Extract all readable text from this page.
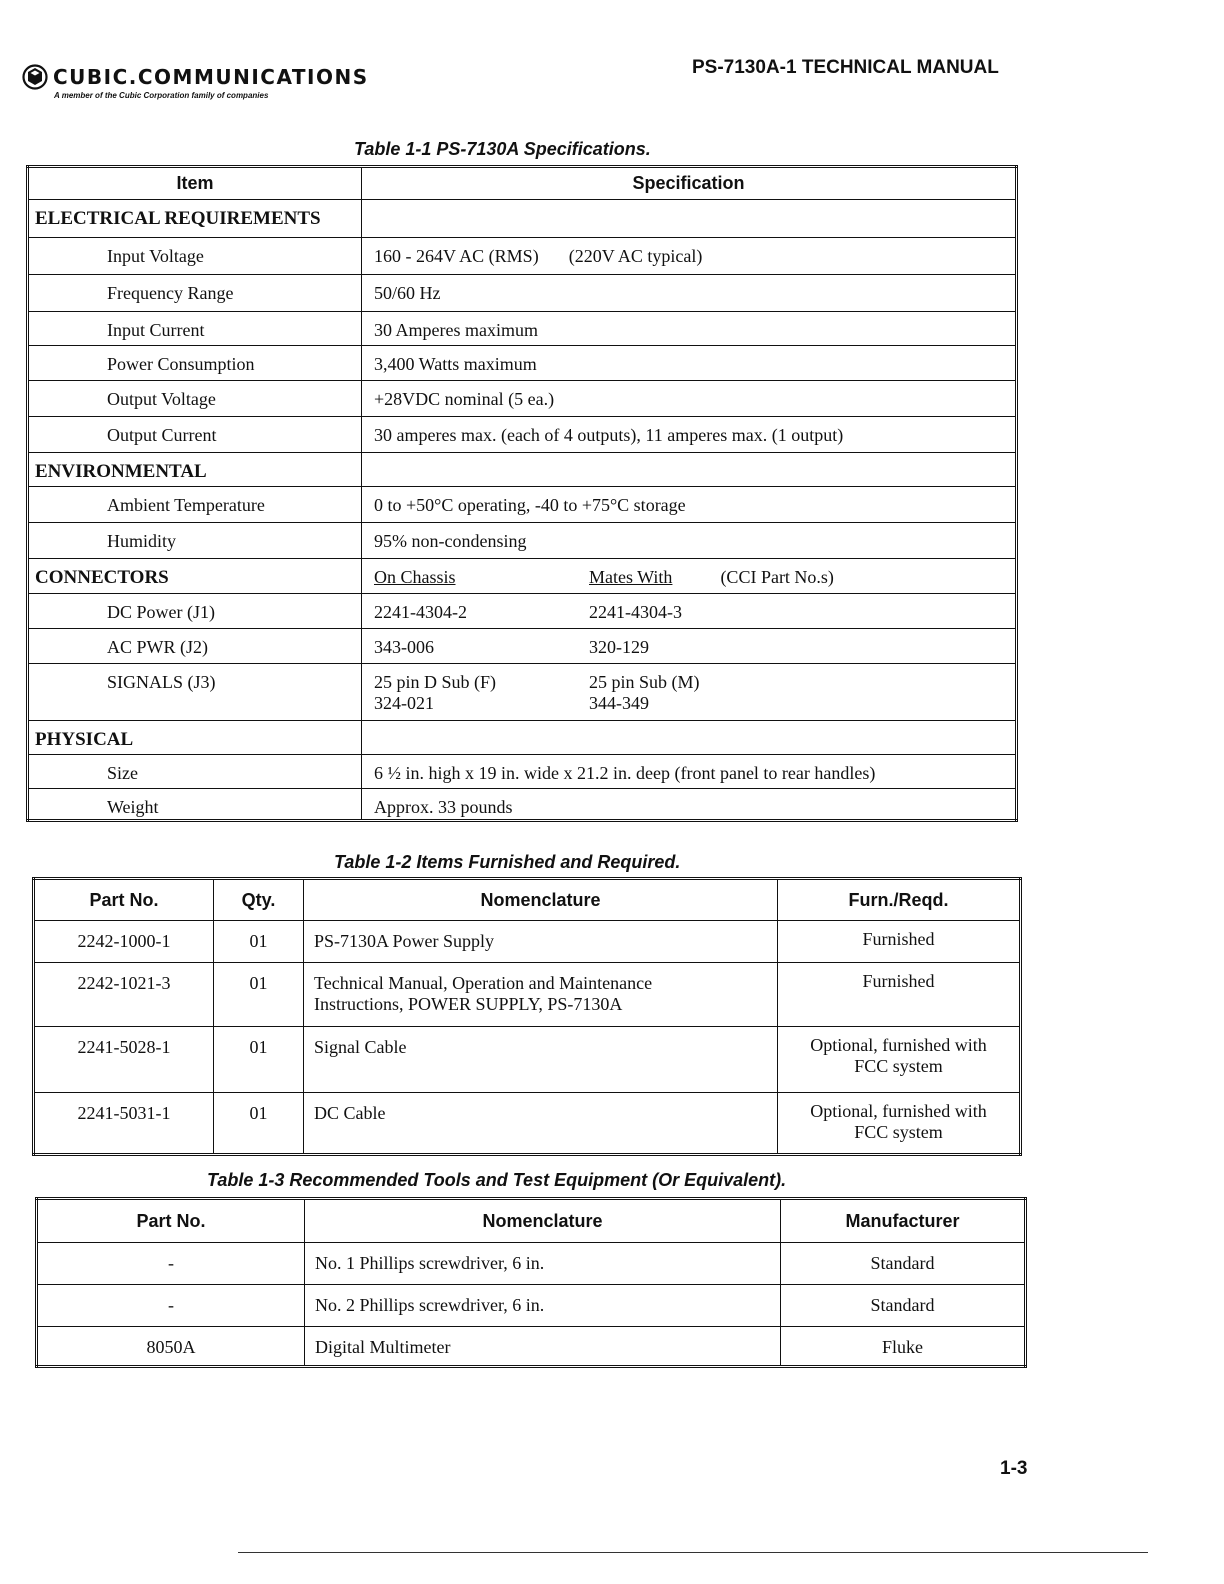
CUBIC.COMMUNICATIONS
A member of the Cubic Corporation family of companies
PS-7130A-1 TECHNICAL MANUAL
Table 1-1 PS-7130A Specifications.
Item	Specification
ELECTRICAL REQUIREMENTS	
Input Voltage	160 - 264V AC (RMS) (220V AC typical)
Frequency Range	50/60 Hz
Input Current	30 Amperes maximum
Power Consumption	3,400 Watts maximum
Output Voltage	+28VDC nominal (5 ea.)
Output Current	30 amperes max. (each of 4 outputs), 11 amperes max. (1 output)
ENVIRONMENTAL	
Ambient Temperature	0 to +50°C operating, -40 to +75°C storage
Humidity	95% non-condensing
CONNECTORS	On Chassis Mates With (CCI Part No.s)
DC Power (J1)	2241-4304-2 2241-4304-3
AC PWR (J2)	343-006 320-129
SIGNALS (J3)	25 pin D Sub (F) 25 pin Sub (M)
324-021 344-349

PHYSICAL	
Size	6 ½ in. high x 19 in. wide x 21.2 in. deep (front panel to rear handles)
Weight	Approx. 33 pounds
Table 1-2 Items Furnished and Required.
Part No.	Qty.	Nomenclature	Furn./Reqd.
2242-1000-1	01	PS-7130A Power Supply	Furnished

2242-1021-3	01	Technical Manual, Operation and Maintenance
Instructions, POWER SUPPLY, PS-7130A	Furnished

2241-5028-1	01	Signal Cable	Optional, furnished with
FCC system

2241-5031-1	01	DC Cable	Optional, furnished with
FCC system
Table 1-3 Recommended Tools and Test Equipment (Or Equivalent).
Part No.	Nomenclature	Manufacturer
-	No. 1 Phillips screwdriver, 6 in.	Standard
-	No. 2 Phillips screwdriver, 6 in.	Standard
8050A	Digital Multimeter	Fluke
1-3
